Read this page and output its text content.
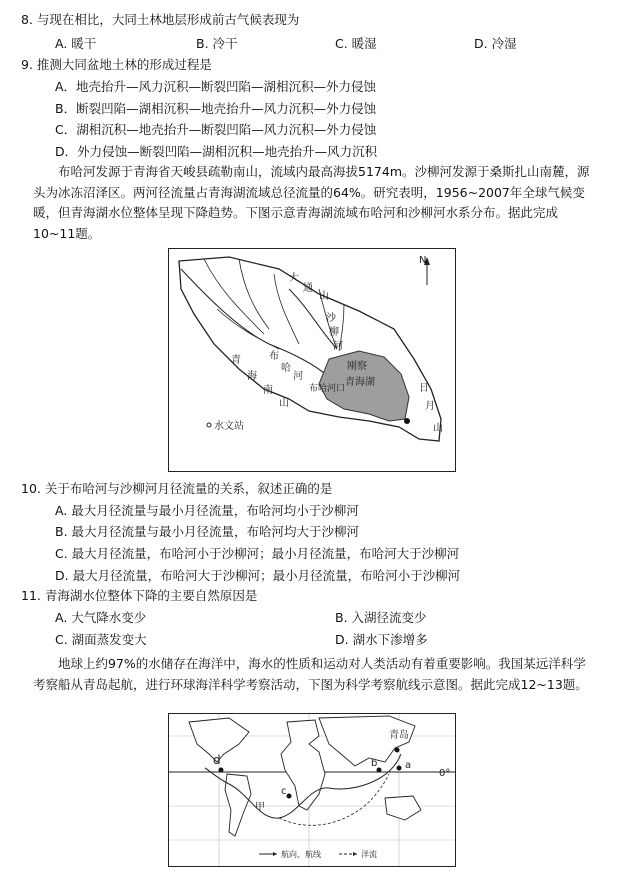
8. 与现在相比，大同土林地层形成前古气候表现为
A. 暖干	B. 冷干	C. 暖湿	D. 冷湿
9. 推测大同盆地土林的形成过程是
A．地壳抬升—风力沉积—断裂凹陷—湖相沉积—外力侵蚀
B．断裂凹陷—湖相沉积—地壳抬升—风力沉积—外力侵蚀
C．湖相沉积—地壳抬升—断裂凹陷—风力沉积—外力侵蚀
D．外力侵蚀—断裂凹陷—湖相沉积—地壳抬升—风力沉积
布哈河发源于青海省天峻县疏勒南山，流域内最高海拔5174m。沙柳河发源于桑斯扎山南麓，源头为冰冻沼泽区。两河径流量占青海湖流域总径流量的64%。研究表明，1956~2007年全球气候变暖，但青海湖水位整体呈现下降趋势。下图示意青海湖流域布哈河和沙柳河水系分布。据此完成10~11题。
N
大
通
山
沙
柳
河
青
海
南
山
布
哈
河
刚察
青海湖
布哈河口	日
月
山
水文站
10. 关于布哈河与沙柳河月径流量的关系，叙述正确的是
A. 最大月径流量与最小月径流量，布哈河均小于沙柳河
B. 最大月径流量与最小月径流量，布哈河均大于沙柳河
C. 最大月径流量，布哈河小于沙柳河；最小月径流量，布哈河大于沙柳河
D. 最大月径流量，布哈河大于沙柳河；最小月径流量，布哈河小于沙柳河
11. 青海湖水位整体下降的主要自然原因是
A. 大气降水变少	B. 入湖径流变少
C. 湖面蒸发变大	D. 湖水下渗增多
地球上约97%的水储存在海洋中，海水的性质和运动对人类活动有着重要影响。我国某远洋科学考察船从青岛起航，进行环球海洋科学考察活动，下图为科学考察航线示意图。据此完成12~13题。
0°
青岛
a
b
c
d
甲
航向、航线	洋流
